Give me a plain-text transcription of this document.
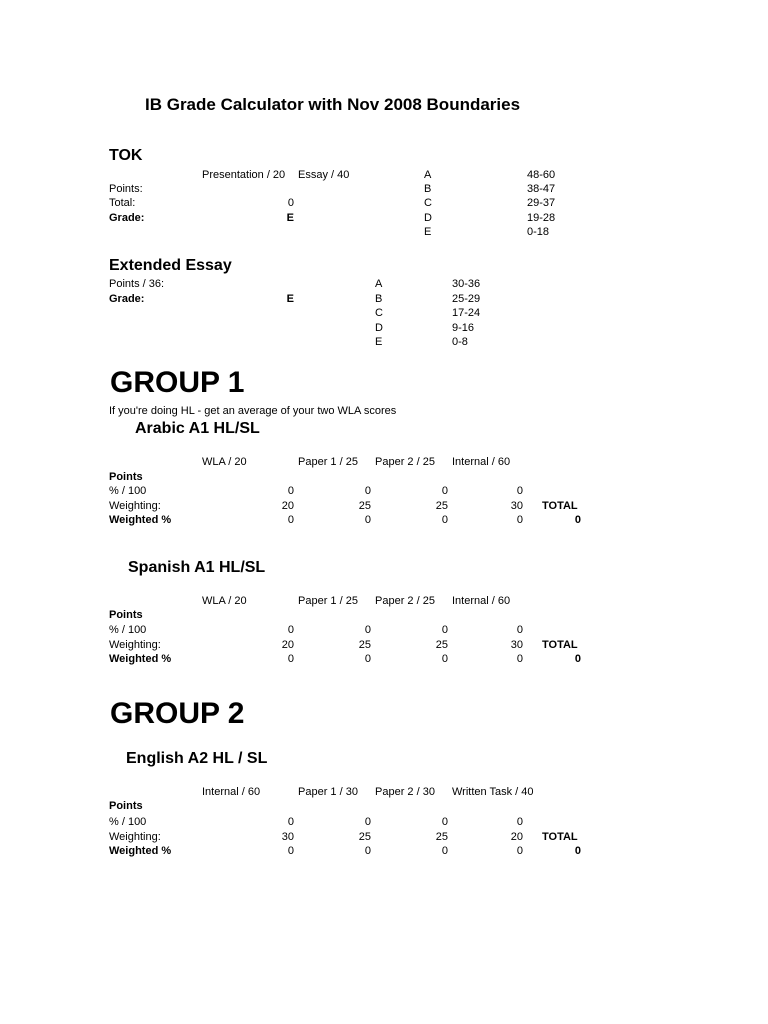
IB Grade Calculator with Nov 2008 Boundaries
TOK
Presentation / 20 Essay / 40
Points:
Total:	0
Grade:	E
A	48-60
B	38-47
C	29-37
D	19-28
E	0-18
Extended Essay
Points / 36:
Grade:	E
A	30-36
B	25-29
C	17-24
D	9-16
E	0-8
GROUP 1
If you're doing HL - get an average of your two WLA scores
Arabic A1 HL/SL
WLA / 20	Paper 1 / 25 Paper 2 / 25 Internal / 60
Points
% / 100	0	0	0	0
Weighting:	20	25	25	30 TOTAL
Weighted %	0	0	0	0	0
Spanish A1 HL/SL
WLA / 20	Paper 1 / 25 Paper 2 / 25 Internal / 60
Points
% / 100	0	0	0	0
Weighting:	20	25	25	30 TOTAL
Weighted %	0	0	0	0	0
GROUP 2
English A2 HL / SL
Internal / 60	Paper 1 / 30 Paper 2 / 30 Written Task / 40
Points
% / 100	0	0	0	0
Weighting:	30	25	25	20 TOTAL
Weighted %	0	0	0	0	0
